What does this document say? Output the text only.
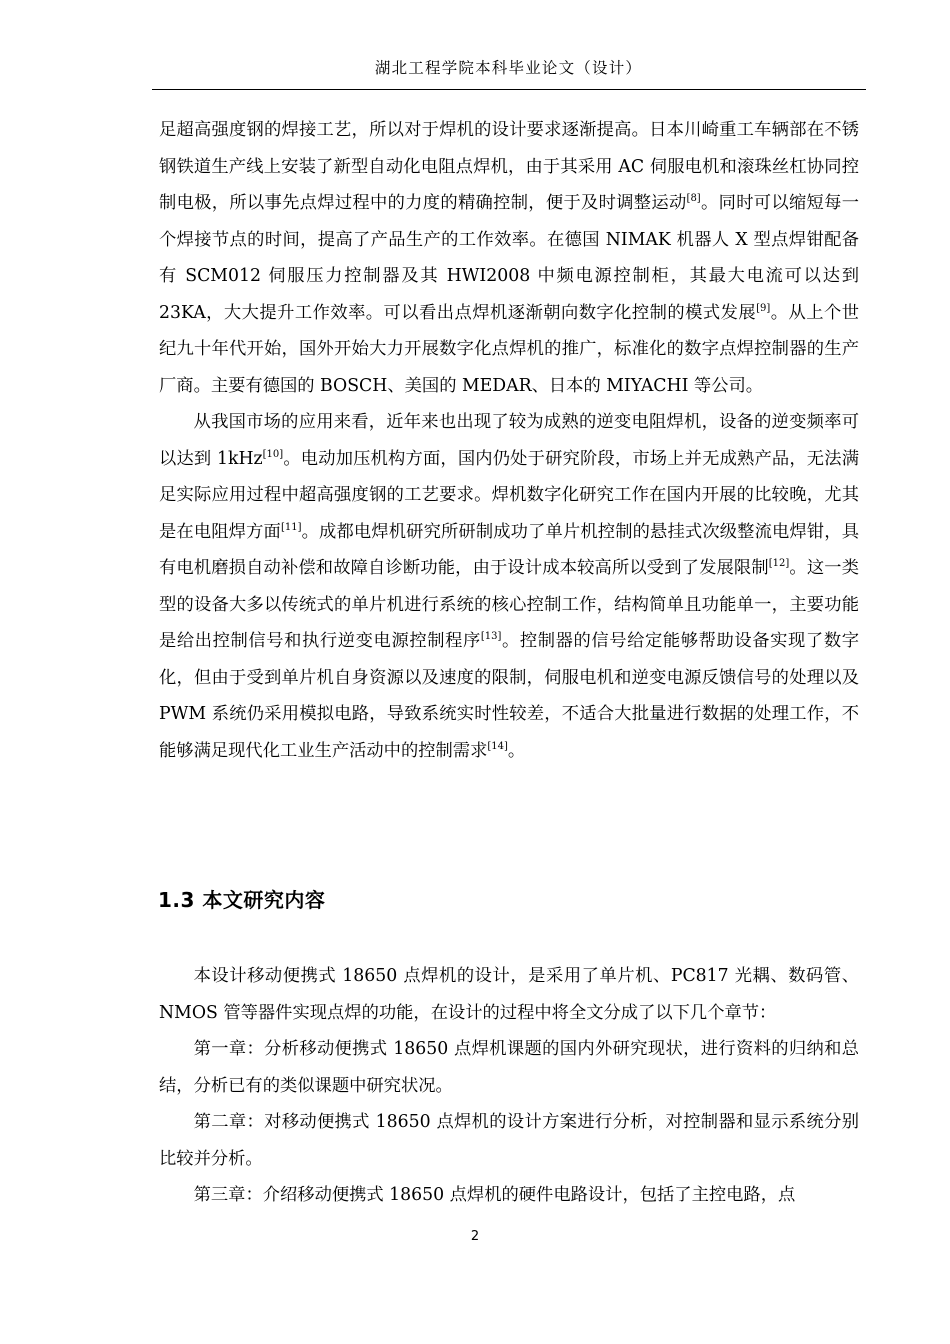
湖北工程学院本科毕业论文（设计）

足超高强度钢的焊接工艺，所以对于焊机的设计要求逐渐提高。日本川崎重工车辆部在不锈钢铁道生产线上安装了新型自动化电阻点焊机，由于其采用 AC 伺服电机和滚珠丝杠协同控制电极，所以事先点焊过程中的力度的精确控制，便于及时调整运动[8]。同时可以缩短每一个焊接节点的时间，提高了产品生产的工作效率。在德国 NIMAK 机器人 X 型点焊钳配备有 SCM012 伺服压力控制器及其 HWI2008 中频电源控制柜，其最大电流可以达到 23KA，大大提升工作效率。可以看出点焊机逐渐朝向数字化控制的模式发展[9]。从上个世纪九十年代开始，国外开始大力开展数字化点焊机的推广，标准化的数字点焊控制器的生产厂商。主要有德国的 BOSCH、美国的 MEDAR、日本的 MIYACHI 等公司。

从我国市场的应用来看，近年来也出现了较为成熟的逆变电阻焊机，设备的逆变频率可以达到 1kHz[10]。电动加压机构方面，国内仍处于研究阶段，市场上并无成熟产品，无法满足实际应用过程中超高强度钢的工艺要求。焊机数字化研究工作在国内开展的比较晚，尤其是在电阻焊方面[11]。成都电焊机研究所研制成功了单片机控制的悬挂式次级整流电焊钳，具有电机磨损自动补偿和故障自诊断功能，由于设计成本较高所以受到了发展限制[12]。这一类型的设备大多以传统式的单片机进行系统的核心控制工作，结构简单且功能单一，主要功能是给出控制信号和执行逆变电源控制程序[13]。控制器的信号给定能够帮助设备实现了数字化，但由于受到单片机自身资源以及速度的限制，伺服电机和逆变电源反馈信号的处理以及 PWM 系统仍采用模拟电路，导致系统实时性较差，不适合大批量进行数据的处理工作，不能够满足现代化工业生产活动中的控制需求[14]。

1.3 本文研究内容

本设计移动便携式 18650 点焊机的设计，是采用了单片机、PC817 光耦、数码管、NMOS 管等器件实现点焊的功能，在设计的过程中将全文分成了以下几个章节：

第一章：分析移动便携式 18650 点焊机课题的国内外研究现状，进行资料的归纳和总结，分析已有的类似课题中研究状况。

第二章：对移动便携式 18650 点焊机的设计方案进行分析，对控制器和显示系统分别比较并分析。

第三章：介绍移动便携式 18650 点焊机的硬件电路设计，包括了主控电路，点

2
